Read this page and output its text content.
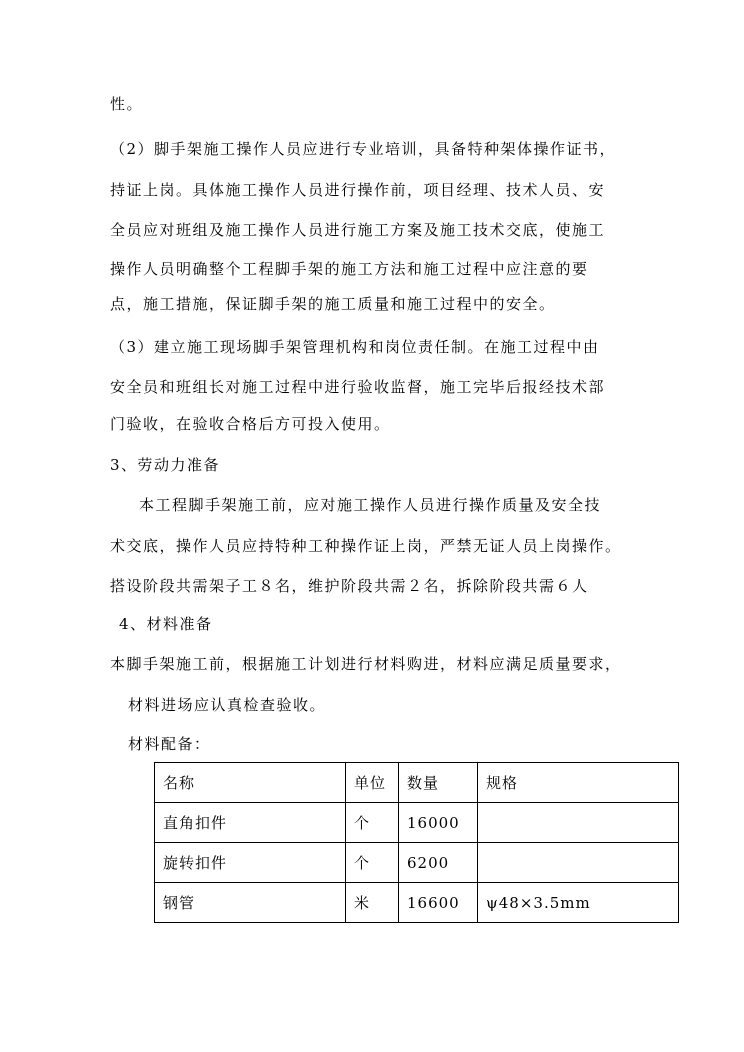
性。
（2）脚手架施工操作人员应进行专业培训，具备特种架体操作证书，
持证上岗。具体施工操作人员进行操作前，项目经理、技术人员、安
全员应对班组及施工操作人员进行施工方案及施工技术交底，使施工
操作人员明确整个工程脚手架的施工方法和施工过程中应注意的要
点，施工措施，保证脚手架的施工质量和施工过程中的安全。
（3）建立施工现场脚手架管理机构和岗位责任制。在施工过程中由
安全员和班组长对施工过程中进行验收监督，施工完毕后报经技术部
门验收，在验收合格后方可投入使用。
3、劳动力准备
本工程脚手架施工前，应对施工操作人员进行操作质量及安全技
术交底，操作人员应持特种工种操作证上岗，严禁无证人员上岗操作。
搭设阶段共需架子工８名，维护阶段共需２名，拆除阶段共需６人
4、材料准备
本脚手架施工前，根据施工计划进行材料购进，材料应满足质量要求，
材料进场应认真检查验收。
材料配备：
名称	单位	数量	规格
直角扣件	个	16000	
旋转扣件	个	6200	
钢管	米	16600	ψ48×3.5mm
